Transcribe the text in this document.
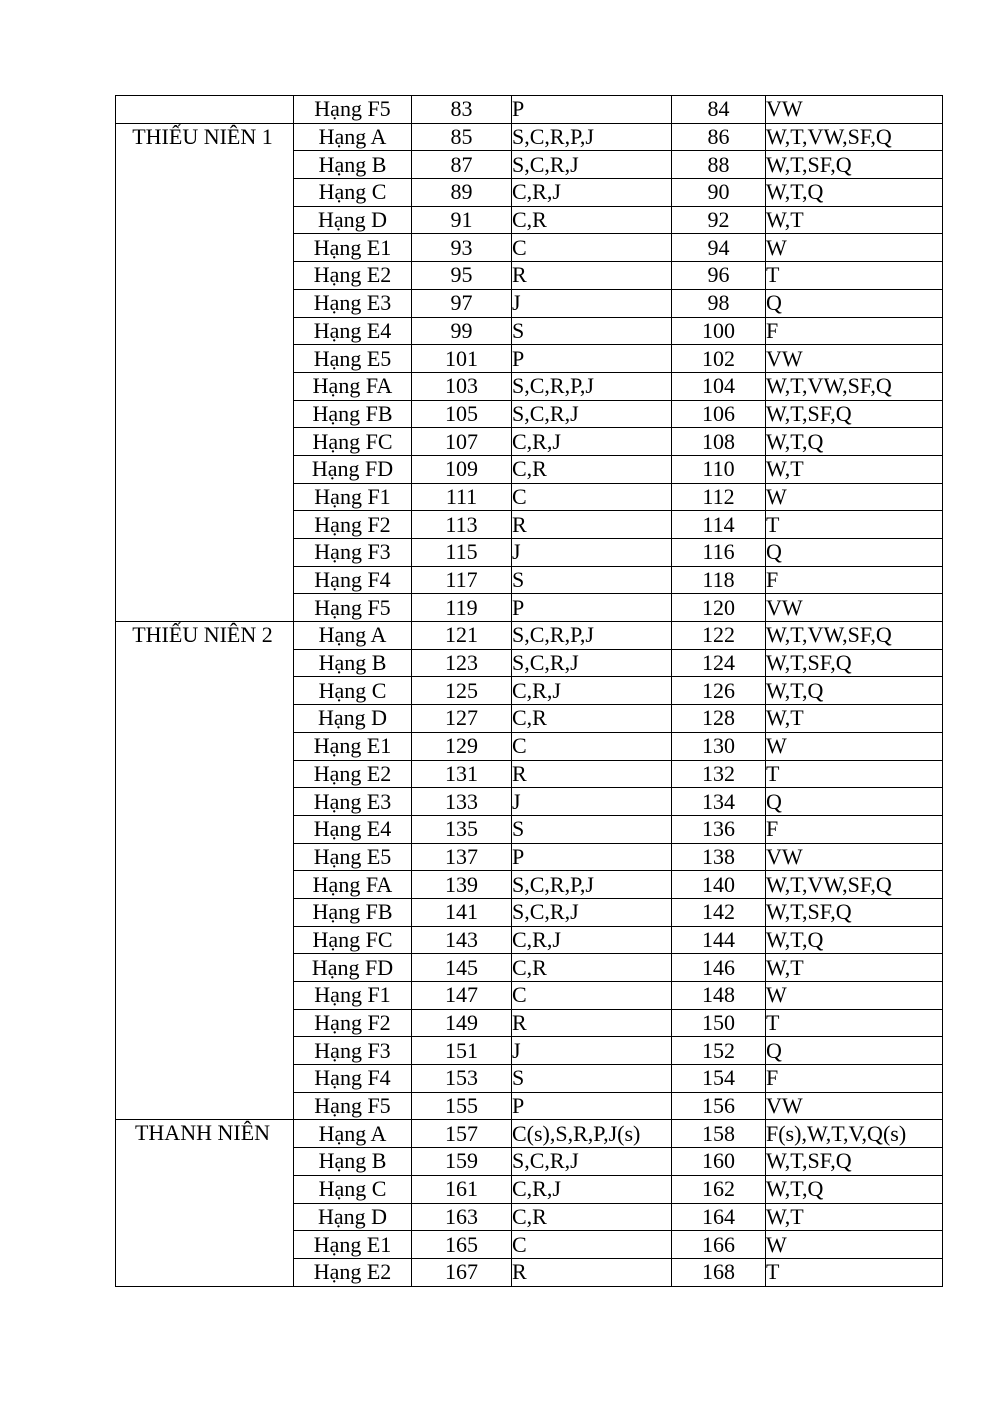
	Hạng F5	83	P	84	VW

THIẾU NIÊN 1	Hạng A	85	S,C,R,P,J	86	W,T,VW,SF,Q
	Hạng B	87	S,C,R,J	88	W,T,SF,Q
	Hạng C	89	C,R,J	90	W,T,Q
	Hạng D	91	C,R	92	W,T
	Hạng E1	93	C	94	W
	Hạng E2	95	R	96	T
	Hạng E3	97	J	98	Q
	Hạng E4	99	S	100	F
	Hạng E5	101	P	102	VW
	Hạng FA	103	S,C,R,P,J	104	W,T,VW,SF,Q
	Hạng FB	105	S,C,R,J	106	W,T,SF,Q
	Hạng FC	107	C,R,J	108	W,T,Q
	Hạng FD	109	C,R	110	W,T
	Hạng F1	111	C	112	W
	Hạng F2	113	R	114	T
	Hạng F3	115	J	116	Q
	Hạng F4	117	S	118	F
	Hạng F5	119	P	120	VW

THIẾU NIÊN 2	Hạng A	121	S,C,R,P,J	122	W,T,VW,SF,Q
	Hạng B	123	S,C,R,J	124	W,T,SF,Q
	Hạng C	125	C,R,J	126	W,T,Q
	Hạng D	127	C,R	128	W,T
	Hạng E1	129	C	130	W
	Hạng E2	131	R	132	T
	Hạng E3	133	J	134	Q
	Hạng E4	135	S	136	F
	Hạng E5	137	P	138	VW
	Hạng FA	139	S,C,R,P,J	140	W,T,VW,SF,Q
	Hạng FB	141	S,C,R,J	142	W,T,SF,Q
	Hạng FC	143	C,R,J	144	W,T,Q
	Hạng FD	145	C,R	146	W,T
	Hạng F1	147	C	148	W
	Hạng F2	149	R	150	T
	Hạng F3	151	J	152	Q
	Hạng F4	153	S	154	F
	Hạng F5	155	P	156	VW

THANH NIÊN	Hạng A	157	C(s),S,R,P,J(s)	158	F(s),W,T,V,Q(s)
	Hạng B	159	S,C,R,J	160	W,T,SF,Q
	Hạng C	161	C,R,J	162	W,T,Q
	Hạng D	163	C,R	164	W,T
	Hạng E1	165	C	166	W
	Hạng E2	167	R	168	T
